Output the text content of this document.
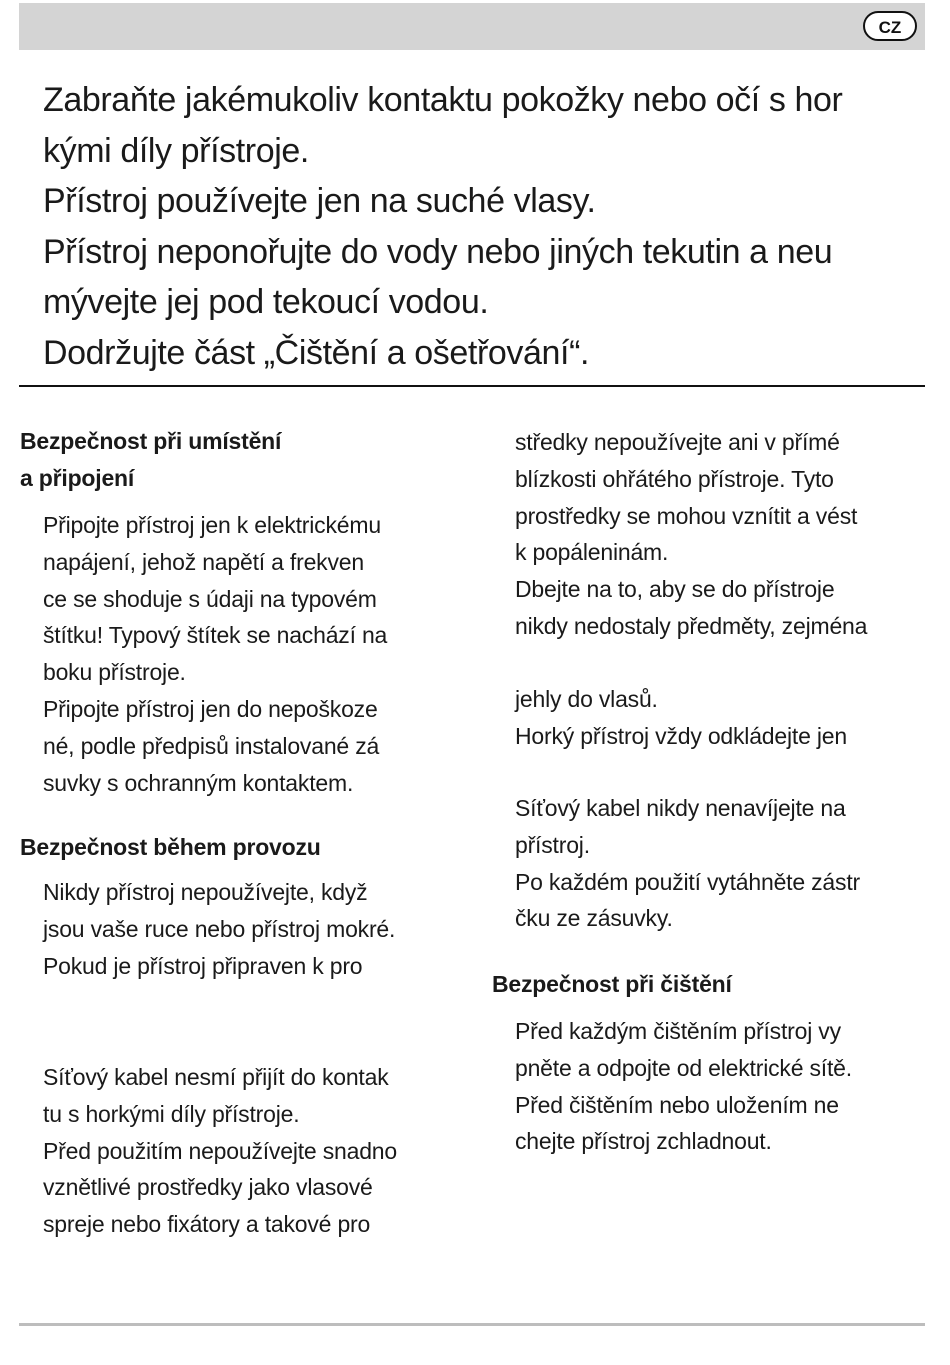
CZ
Zabraňte jakémukoliv kontaktu pokožky nebo očí s hor
kými díly přístroje.
Přístroj používejte jen na suché vlasy.
Přístroj neponořujte do vody nebo jiných tekutin a neu
mývejte jej pod tekoucí vodou.
Dodržujte část „Čištění a ošetřování“.
Bezpečnost při umístění
a připojení
Připojte přístroj jen k elektrickému
napájení, jehož napětí a frekven
ce se shoduje s údaji na typovém
štítku! Typový štítek se nachází na
boku přístroje.
Připojte přístroj jen do nepoškoze
né, podle předpisů instalované zá
suvky s ochranným kontaktem.
Bezpečnost během provozu
Nikdy přístroj nepoužívejte, když
jsou vaše ruce nebo přístroj mokré.
Pokud je přístroj připraven k pro
Síťový kabel nesmí přijít do kontak
tu s horkými díly přístroje.
Před použitím nepoužívejte snadno
vznětlivé prostředky jako vlasové
spreje nebo fixátory a takové pro
středky nepoužívejte ani v přímé
blízkosti ohřátého přístroje. Tyto
prostředky se mohou vznítit a vést
k popáleninám.
Dbejte na to, aby se do přístroje
nikdy nedostaly předměty, zejména
jehly do vlasů.
Horký přístroj vždy odkládejte jen
Síťový kabel nikdy nenavíjejte na
přístroj.
Po každém použití vytáhněte zástr
čku ze zásuvky.
Bezpečnost při čištění
Před každým čištěním přístroj vy
pněte a odpojte od elektrické sítě.
Před čištěním nebo uložením ne
chejte přístroj zchladnout.
